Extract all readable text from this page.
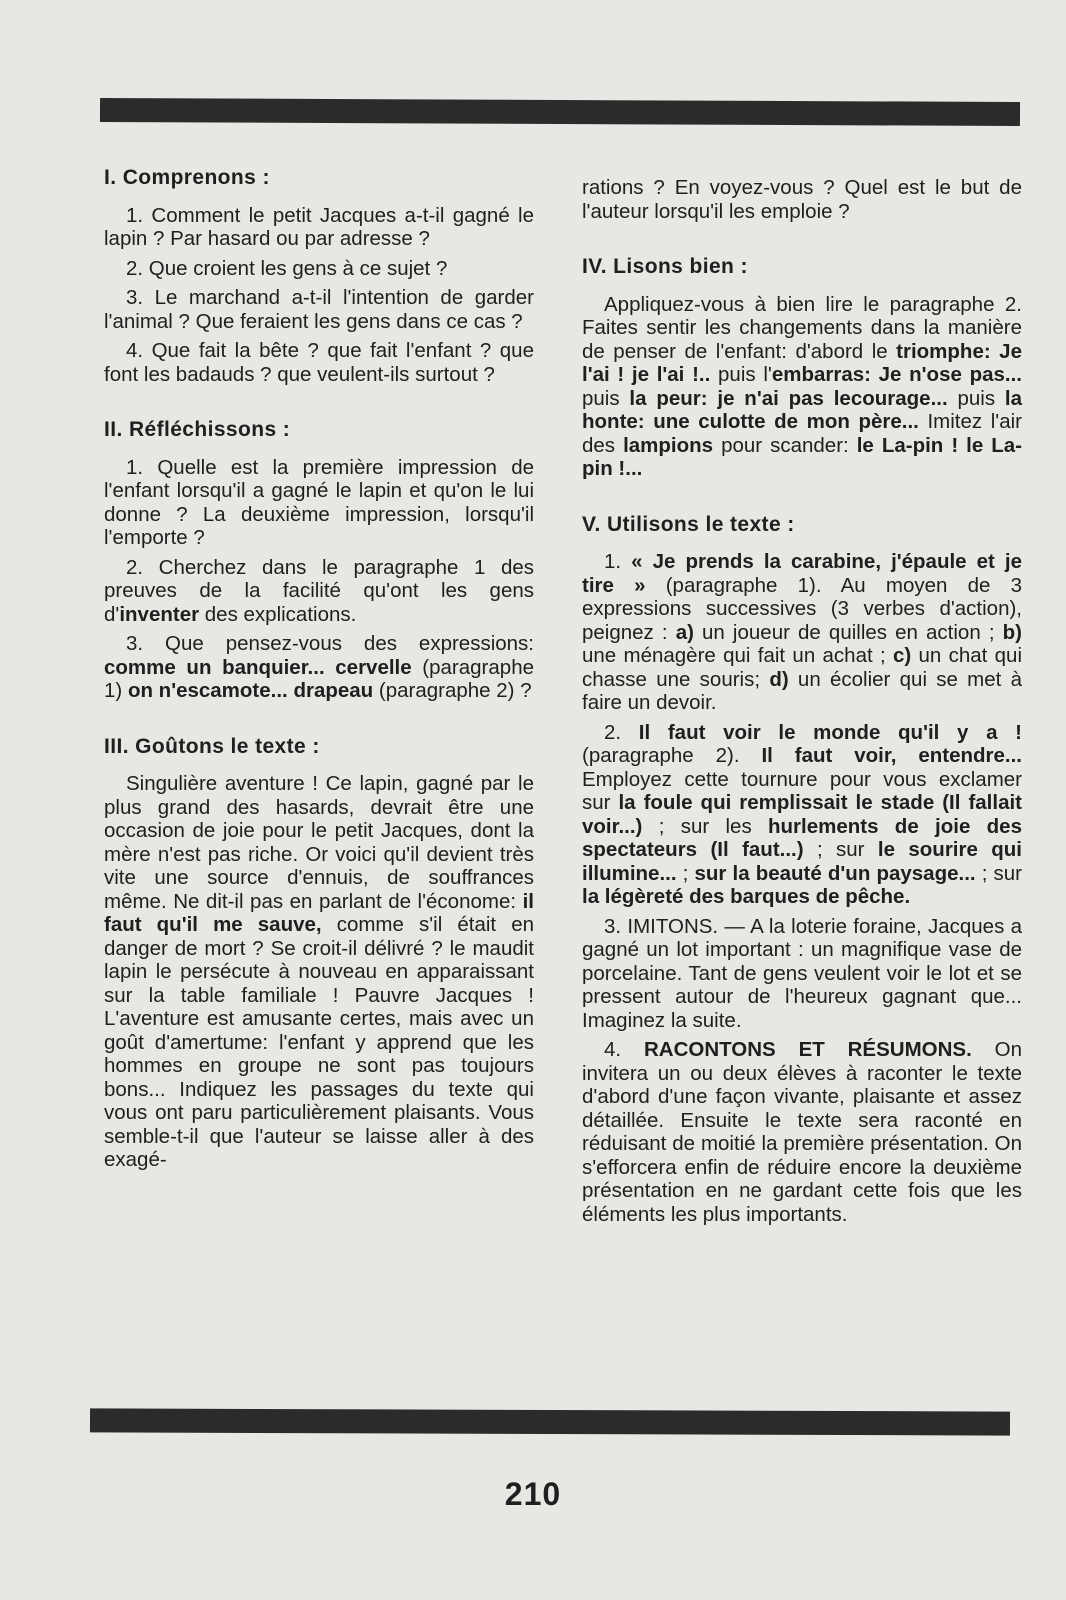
I. Comprenons :

1. Comment le petit Jacques a-t-il gagné le lapin ? Par hasard ou par adresse ?

2. Que croient les gens à ce sujet ?

3. Le marchand a-t-il l'intention de garder l'animal ? Que feraient les gens dans ce cas ?

4. Que fait la bête ? que fait l'enfant ? que font les badauds ? que veulent-ils surtout ?

II. Réfléchissons :

1. Quelle est la première impression de l'enfant lorsqu'il a gagné le lapin et qu'on le lui donne ? La deuxième impression, lorsqu'il l'emporte ?

2. Cherchez dans le paragraphe 1 des preuves de la facilité qu'ont les gens d'inventer des explications.

3. Que pensez-vous des expressions: comme un banquier... cervelle (paragraphe 1) on n'escamote... drapeau (paragraphe 2) ?

III. Goûtons le texte :

Singulière aventure ! Ce lapin, gagné par le plus grand des hasards, devrait être une occasion de joie pour le petit Jacques, dont la mère n'est pas riche. Or voici qu'il devient très vite une source d'ennuis, de souffrances même. Ne dit-il pas en parlant de l'économe: il faut qu'il me sauve, comme s'il était en danger de mort ? Se croit-il délivré ? le maudit lapin le persécute à nouveau en apparaissant sur la table familiale ! Pauvre Jacques ! L'aventure est amusante certes, mais avec un goût d'amertume: l'enfant y apprend que les hommes en groupe ne sont pas toujours bons... Indiquez les passages du texte qui vous ont paru particulièrement plaisants. Vous semble-t-il que l'auteur se laisse aller à des exagé-

rations ? En voyez-vous ? Quel est le but de l'auteur lorsqu'il les emploie ?

IV. Lisons bien :

Appliquez-vous à bien lire le paragraphe 2. Faites sentir les changements dans la manière de penser de l'enfant: d'abord le triomphe: Je l'ai ! je l'ai !.. puis l'embarras: Je n'ose pas... puis la peur: je n'ai pas lecourage... puis la honte: une culotte de mon père... Imitez l'air des lampions pour scander: le La-pin ! le La-pin !...

V. Utilisons le texte :

1. « Je prends la carabine, j'épaule et je tire » (paragraphe 1). Au moyen de 3 expressions successives (3 verbes d'action), peignez : a) un joueur de quilles en action ; b) une ménagère qui fait un achat ; c) un chat qui chasse une souris; d) un écolier qui se met à faire un devoir.

2. Il faut voir le monde qu'il y a ! (paragraphe 2). Il faut voir, entendre... Employez cette tournure pour vous exclamer sur la foule qui remplissait le stade (Il fallait voir...) ; sur les hurlements de joie des spectateurs (Il faut...) ; sur le sourire qui illumine... ; sur la beauté d'un paysage... ; sur la légèreté des barques de pêche.

3. IMITONS. — A la loterie foraine, Jacques a gagné un lot important : un magnifique vase de porcelaine. Tant de gens veulent voir le lot et se pressent autour de l'heureux gagnant que... Imaginez la suite.

4. RACONTONS ET RÉSUMONS. On invitera un ou deux élèves à raconter le texte d'abord d'une façon vivante, plaisante et assez détaillée. Ensuite le texte sera raconté en réduisant de moitié la première présentation. On s'efforcera enfin de réduire encore la deuxième présentation en ne gardant cette fois que les éléments les plus importants.

210
